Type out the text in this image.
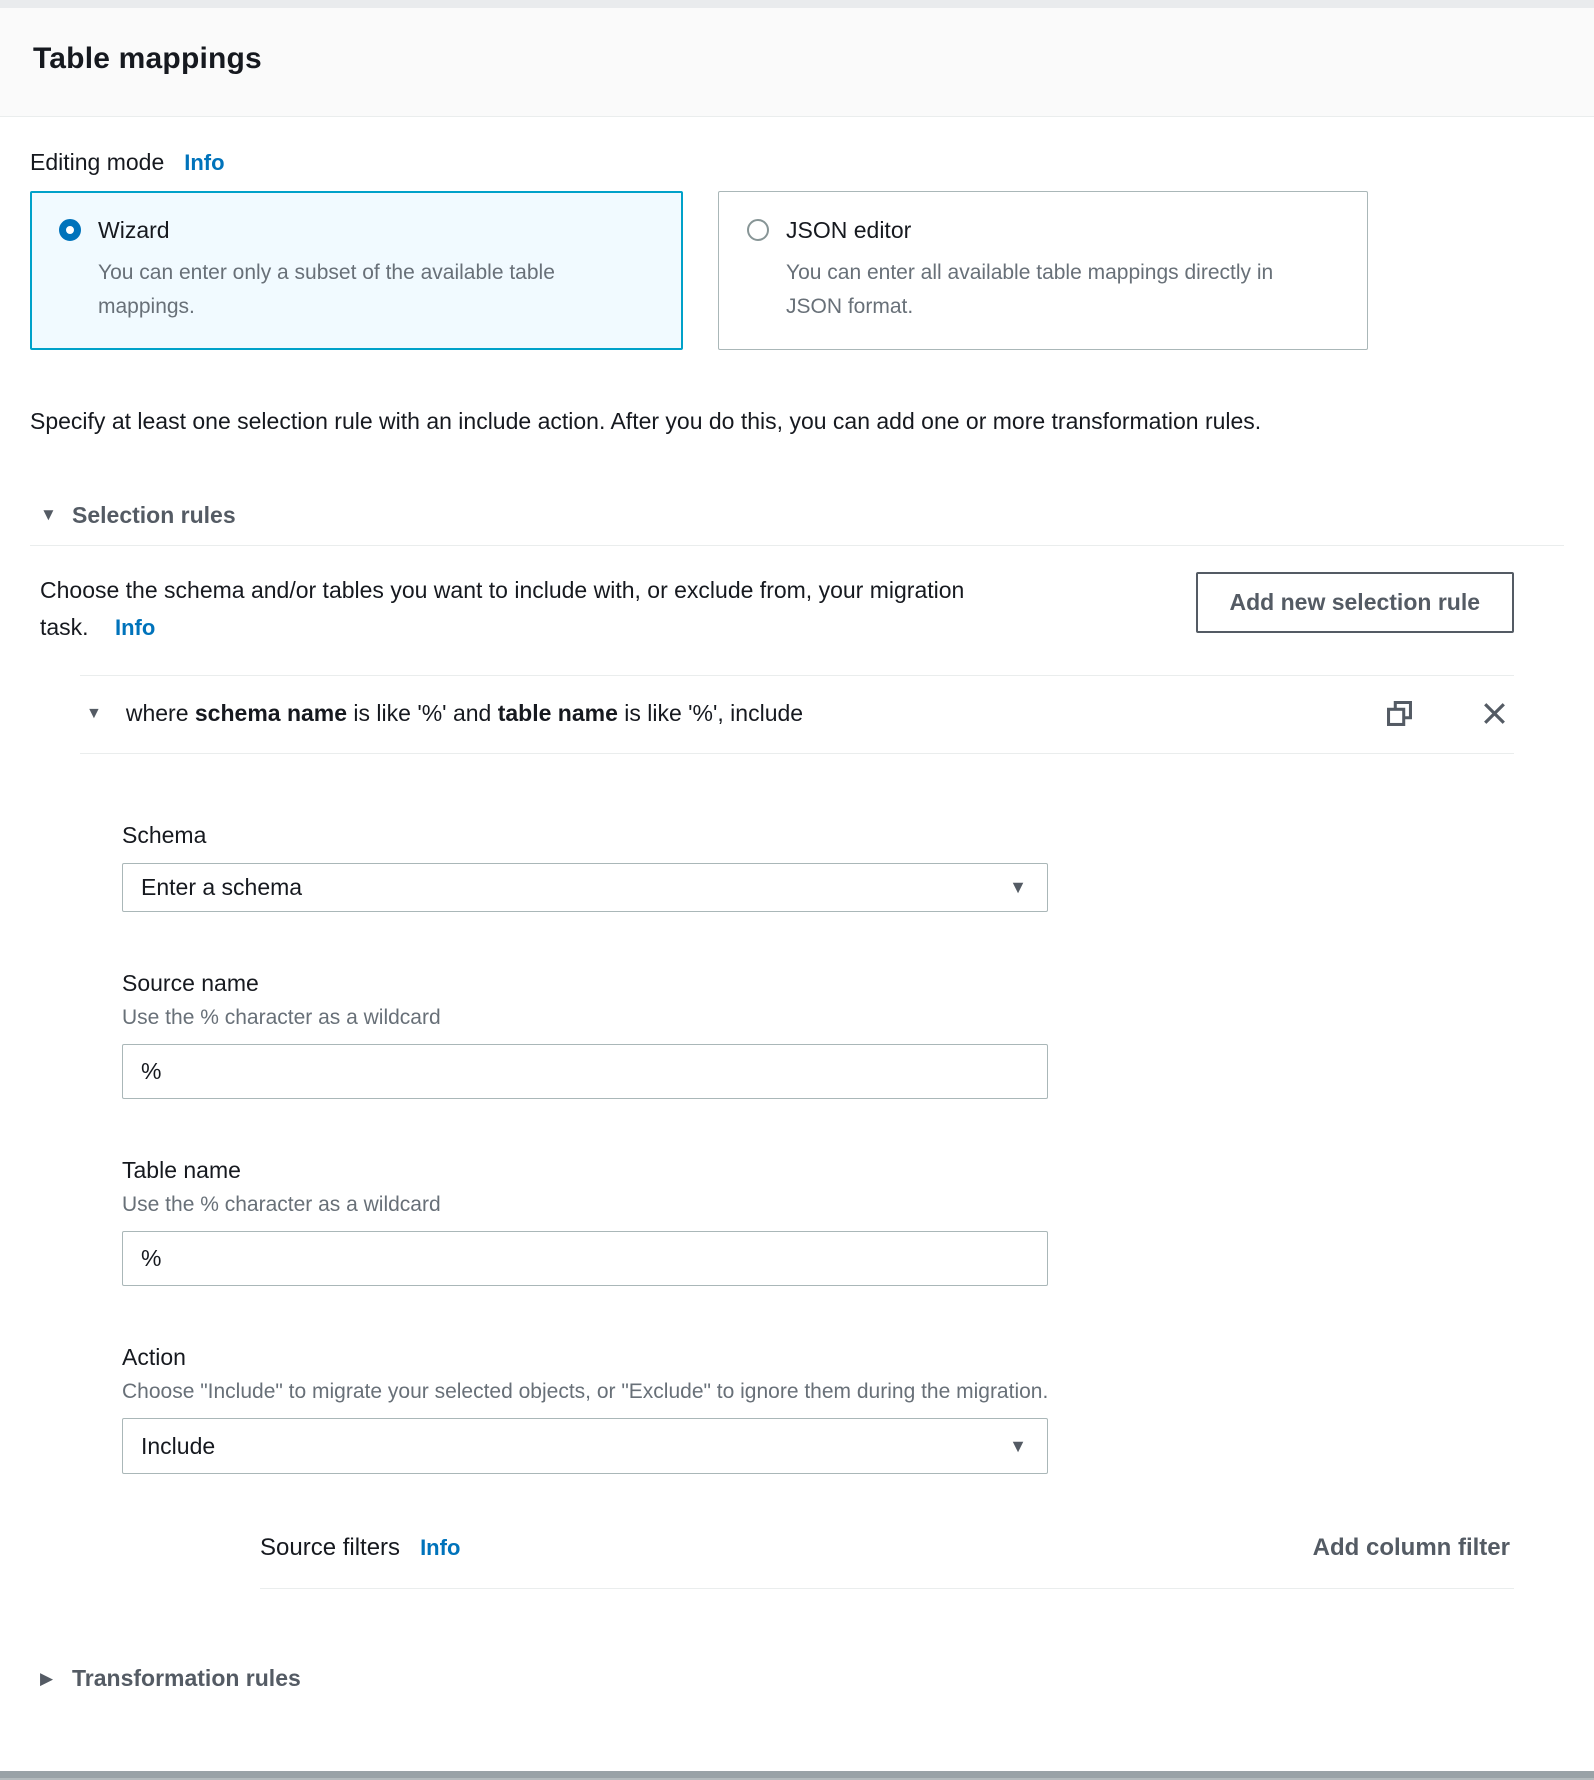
Table mappings
Editing mode Info
Wizard
You can enter only a subset of the available table mappings.
JSON editor
You can enter all available table mappings directly in JSON format.
Specify at least one selection rule with an include action. After you do this, you can add one or more transformation rules.
▼ Selection rules
Choose the schema and/or tables you want to include with, or exclude from, your migration task. Info
Add new selection rule
▼ where schema name is like '%' and table name is like '%', include
Schema
Enter a schema	▼
Source name
Use the % character as a wildcard
%
Table name
Use the % character as a wildcard
%
Action
Choose "Include" to migrate your selected objects, or "Exclude" to ignore them during the migration.
Include	▼
Source filters Info	Add column filter
▶ Transformation rules
